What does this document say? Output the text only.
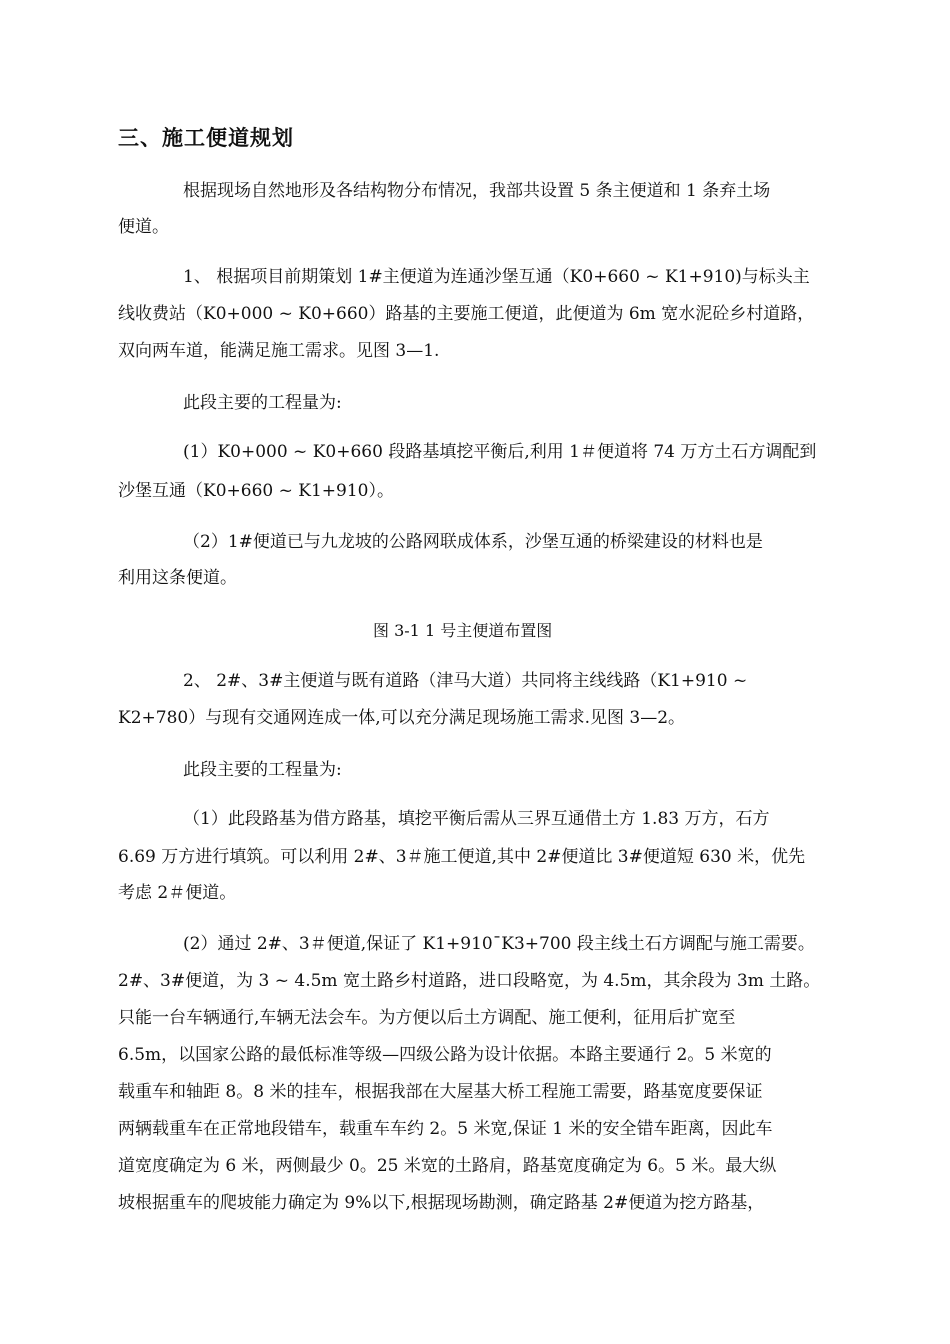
三、施工便道规划
根据现场自然地形及各结构物分布情况，我部共设置 5 条主便道和 1 条弃土场
便道。
1、 根据项目前期策划 1#主便道为连通沙堡互通（K0+660 ~ K1+910)与标头主
线收费站（K0+000 ~ K0+660）路基的主要施工便道，此便道为 6m 宽水泥砼乡村道路，
双向两车道，能满足施工需求。见图 3—1.
此段主要的工程量为:
(1）K0+000 ~ K0+660 段路基填挖平衡后,利用 1＃便道将 74 万方土石方调配到
沙堡互通（K0+660 ~ K1+910）。
（2）1#便道已与九龙坡的公路网联成体系，沙堡互通的桥梁建设的材料也是
利用这条便道。
图 3-1 1 号主便道布置图
2、 2#、3#主便道与既有道路（津马大道）共同将主线线路（K1+910 ~
K2+780）与现有交通网连成一体,可以充分满足现场施工需求.见图 3—2。
此段主要的工程量为:
（1）此段路基为借方路基，填挖平衡后需从三界互通借土方 1.83 万方，石方
6.69 万方进行填筑。可以利用 2#、3＃施工便道,其中 2#便道比 3#便道短 630 米，优先
考虑 2＃便道。
(2）通过 2#、3＃便道,保证了 K1+910¯K3+700 段主线土石方调配与施工需要。
2#、3#便道，为 3 ~ 4.5m 宽土路乡村道路，进口段略宽，为 4.5m，其余段为 3m 土路。
只能一台车辆通行,车辆无法会车。为方便以后土方调配、施工便利，征用后扩宽至
6.5m，以国家公路的最低标准等级—四级公路为设计依据。本路主要通行 2。5 米宽的
载重车和轴距 8。8 米的挂车，根据我部在大屋基大桥工程施工需要，路基宽度要保证
两辆载重车在正常地段错车，载重车车约 2。5 米宽,保证 1 米的安全错车距离，因此车
道宽度确定为 6 米，两侧最少 0。25 米宽的土路肩，路基宽度确定为 6。5 米。最大纵
坡根据重车的爬坡能力确定为 9%以下,根据现场勘测，确定路基 2#便道为挖方路基，
